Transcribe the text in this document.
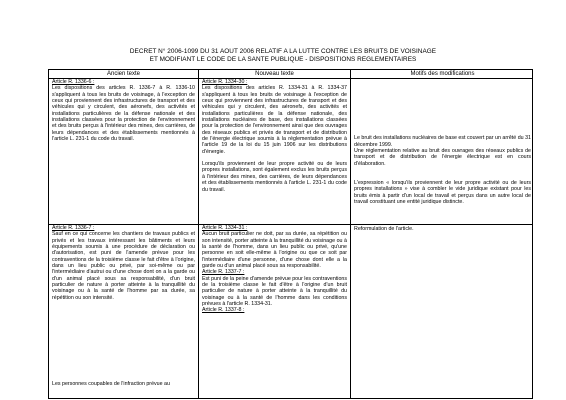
DECRET N° 2006-1099 DU 31 AOUT 2006 RELATIF A LA LUTTE CONTRE LES BRUITS DE VOISINAGE
ET MODIFIANT LE CODE DE LA SANTE PUBLIQUE - DISPOSITIONS REGLEMENTAIRES
Ancien texte	Nouveau texte	Motifs des modifications

Article R. 1336-6 :

Les dispositions des articles R. 1336-7 à R. 1336-10 s'appliquent à tous les bruits de voisinage, à l'exception de ceux qui proviennent des infrastructures de transport et des véhicules qui y circulent, des aéronefs, des activités et installations particulières de la défense nationale et des installations classées pour la protection de l'environnement et des bruits perçus à l'intérieur des mines, des carrières, de leurs dépendances et des établissements mentionnés à l'article L. 231-1 du code du travail.

Article R. 1334-30 :

Les dispositions des articles R. 1334-31 à R. 1334-37 s'appliquent à tous les bruits de voisinage à l'exception de ceux qui proviennent des infrastructures de transport et des véhicules qui y circulent, des aéronefs, des activités et installations particulières de la défense nationale, des installations nucléaires de base, des installations classées pour la protection de l'environnement ainsi que des ouvrages des réseaux publics et privés de transport et de distribution de l'énergie électrique soumis à la réglementation prévue à l'article 19 de la loi du 15 juin 1906 sur les distributions d'énergie.

Lorsqu'ils proviennent de leur propre activité ou de leurs propres installations, sont également exclus les bruits perçus à l'intérieur des mines, des carrières, de leurs dépendances et des établissements mentionnés à l'article L. 231-1 du code du travail.

Le bruit des installations nucléaires de base est couvert par un arrêté du 31 décembre 1999.
Une réglementation relative au bruit des ouvrages des réseaux publics de transport et de distribution de l'énergie électrique est en cours d'élaboration.

L'expression « lorsqu'ils proviennent de leur propre activité ou de leurs propres installations » vise à combler le vide juridique existant pour les bruits émis à partir d'un local de travail et perçus dans un autre local de travail constituant une entité juridique distincte.

Article R. 1336-7 :

Sauf en ce qui concerne les chantiers de travaux publics et privés et les travaux intéressant les bâtiments et leurs équipements soumis à une procédure de déclaration ou d'autorisation, est puni de l'amende prévue pour les contraventions de la troisième classe le fait d'être à l'origine, dans un lieu public ou privé, par soi-même ou par l'intermédiaire d'autrui ou d'une chose dont on a la garde ou d'un animal placé sous sa responsabilité, d'un bruit particulier de nature à porter atteinte à la tranquillité du voisinage ou à la santé de l'homme par sa durée, sa répétition ou son intensité.

Les personnes coupables de l'infraction prévue au

Article R. 1334-31 :

Aucun bruit particulier ne doit, par sa durée, sa répétition ou son intensité, porter atteinte à la tranquillité du voisinage ou à la santé de l'homme, dans un lieu public ou privé, qu'une personne en soit elle-même à l'origine ou que ce soit par l'intermédiaire d'une personne, d'une chose dont elle a la garde ou d'un animal placé sous sa responsabilité.

Article R. 1337-7 :

Est puni de la peine d'amende prévue pour les contraventions de la troisième classe le fait d'être à l'origine d'un bruit particulier de nature à porter atteinte à la tranquillité du voisinage ou à la santé de l'homme dans les conditions prévues à l'article R. 1334-31.

Article R. 1337-8 :

Reformulation de l'article.
